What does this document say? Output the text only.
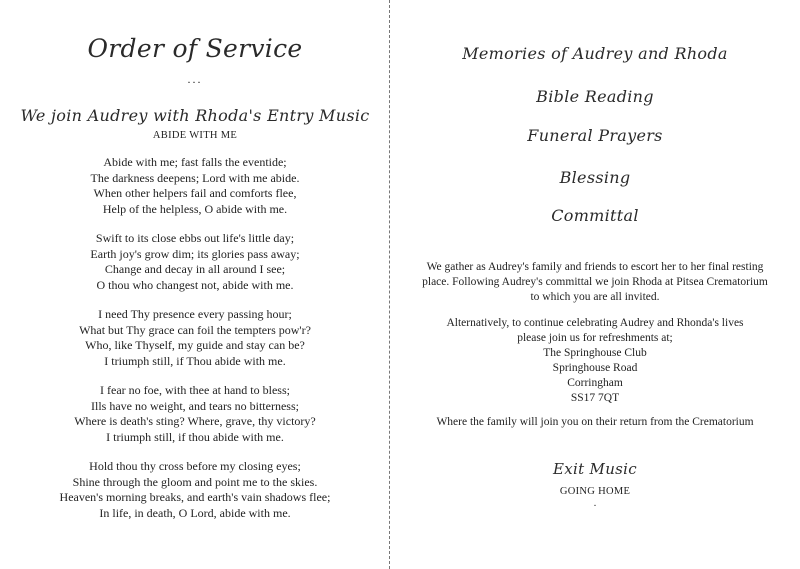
Order of Service
...
We join Audrey with Rhoda's Entry Music

ABIDE WITH ME

Abide with me; fast falls the eventide;
The darkness deepens; Lord with me abide.
When other helpers fail and comforts flee,
Help of the helpless, O abide with me.

Swift to its close ebbs out life's little day;
Earth joy's grow dim; its glories pass away;
Change and decay in all around I see;
O thou who changest not, abide with me.

I need Thy presence every passing hour;
What but Thy grace can foil the tempters pow'r?
Who, like Thyself, my guide and stay can be?
I triumph still, if Thou abide with me.

I fear no foe, with thee at hand to bless;
Ills have no weight, and tears no bitterness;
Where is death's sting? Where, grave, thy victory?
I triumph still, if thou abide with me.

Hold thou thy cross before my closing eyes;
Shine through the gloom and point me to the skies.
Heaven's morning breaks, and earth's vain shadows flee;
In life, in death, O Lord, abide with me.

Memories of Audrey and Rhoda
Bible Reading
Funeral Prayers
Blessing
Committal

We gather as Audrey's family and friends to escort her to her final resting place. Following Audrey's committal we join Rhoda at Pitsea Crematorium to which you are all invited.

Alternatively, to continue celebrating Audrey and Rhonda's lives
please join us for refreshments at;
The Springhouse Club
Springhouse Road
Corringham
SS17 7QT

Where the family will join you on their return from the Crematorium

Exit Music

GOING HOME

.
